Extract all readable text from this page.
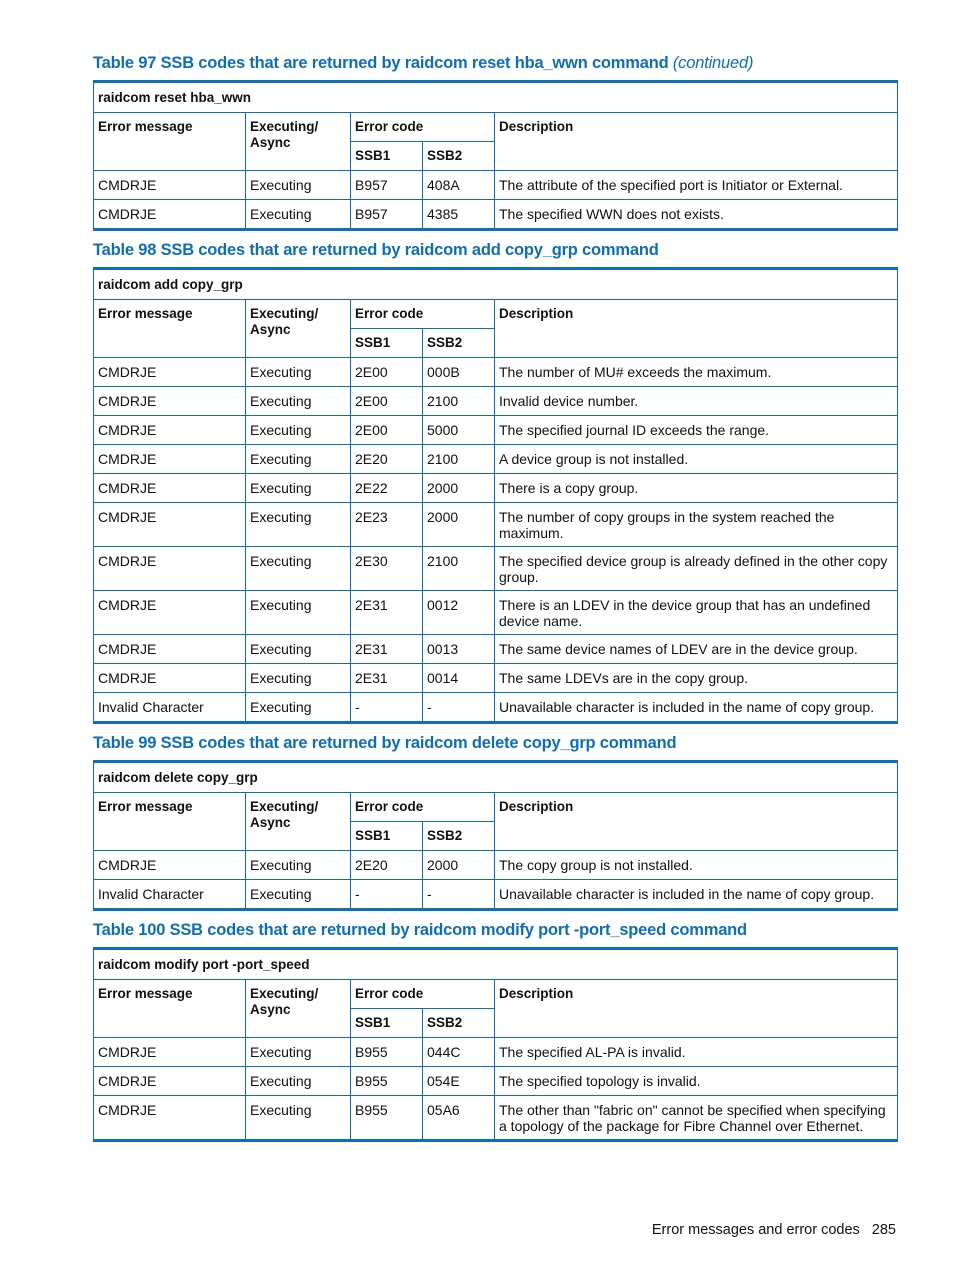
Table 97 SSB codes that are returned by raidcom reset hba_wwn command (continued)

raidcom reset hba_wwn				
Error message	Executing/ Async	Error code		Description
		SSB1	SSB2	
CMDRJE	Executing	B957	408A	The attribute of the specified port is Initiator or External.
CMDRJE	Executing	B957	4385	The specified WWN does not exists.

Table 98 SSB codes that are returned by raidcom add copy_grp command

raidcom add copy_grp				
Error message	Executing/ Async	Error code		Description
		SSB1	SSB2	
CMDRJE	Executing	2E00	000B	The number of MU# exceeds the maximum.
CMDRJE	Executing	2E00	2100	Invalid device number.
CMDRJE	Executing	2E00	5000	The specified journal ID exceeds the range.
CMDRJE	Executing	2E20	2100	A device group is not installed.
CMDRJE	Executing	2E22	2000	There is a copy group.
CMDRJE	Executing	2E23	2000	The number of copy groups in the system reached the maximum.
CMDRJE	Executing	2E30	2100	The specified device group is already defined in the other copy group.
CMDRJE	Executing	2E31	0012	There is an LDEV in the device group that has an undefined device name.
CMDRJE	Executing	2E31	0013	The same device names of LDEV are in the device group.
CMDRJE	Executing	2E31	0014	The same LDEVs are in the copy group.
Invalid Character	Executing	-	-	Unavailable character is included in the name of copy group.

Table 99 SSB codes that are returned by raidcom delete copy_grp command

raidcom delete copy_grp				
Error message	Executing/ Async	Error code		Description
		SSB1	SSB2	
CMDRJE	Executing	2E20	2000	The copy group is not installed.
Invalid Character	Executing	-	-	Unavailable character is included in the name of copy group.

Table 100 SSB codes that are returned by raidcom modify port -port_speed command

raidcom modify port -port_speed				
Error message	Executing/ Async	Error code		Description
		SSB1	SSB2	
CMDRJE	Executing	B955	044C	The specified AL-PA is invalid.
CMDRJE	Executing	B955	054E	The specified topology is invalid.
CMDRJE	Executing	B955	05A6	The other than "fabric on" cannot be specified when specifying a topology of the package for Fibre Channel over Ethernet.
Error messages and error codes 285
